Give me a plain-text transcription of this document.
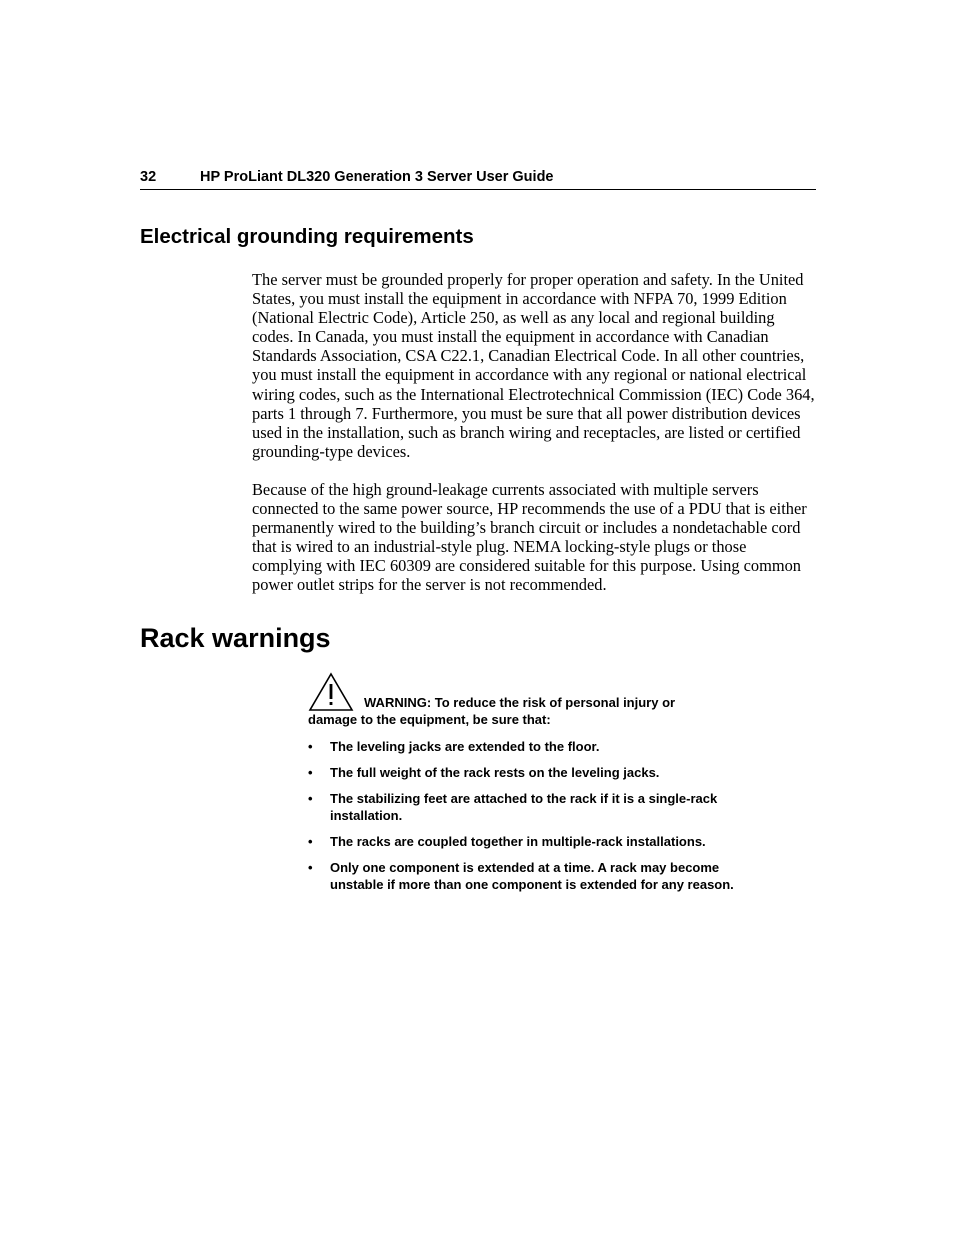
32	HP ProLiant DL320 Generation 3 Server User Guide
Electrical grounding requirements

The server must be grounded properly for proper operation and safety. In the United States, you must install the equipment in accordance with NFPA 70, 1999 Edition (National Electric Code), Article 250, as well as any local and regional building codes. In Canada, you must install the equipment in accordance with Canadian Standards Association, CSA C22.1, Canadian Electrical Code. In all other countries, you must install the equipment in accordance with any regional or national electrical wiring codes, such as the International Electrotechnical Commission (IEC) Code 364, parts 1 through 7. Furthermore, you must be sure that all power distribution devices used in the installation, such as branch wiring and receptacles, are listed or certified grounding-type devices.

Because of the high ground-leakage currents associated with multiple servers connected to the same power source, HP recommends the use of a PDU that is either permanently wired to the building’s branch circuit or includes a nondetachable cord that is wired to an industrial-style plug. NEMA locking-style plugs or those complying with IEC 60309 are considered suitable for this purpose. Using common power outlet strips for the server is not recommended.

Rack warnings
WARNING: To reduce the risk of personal injury or damage to the equipment, be sure that:
• The leveling jacks are extended to the floor.
• The full weight of the rack rests on the leveling jacks.
• The stabilizing feet are attached to the rack if it is a single-rack installation.
• The racks are coupled together in multiple-rack installations.
• Only one component is extended at a time. A rack may become unstable if more than one component is extended for any reason.
